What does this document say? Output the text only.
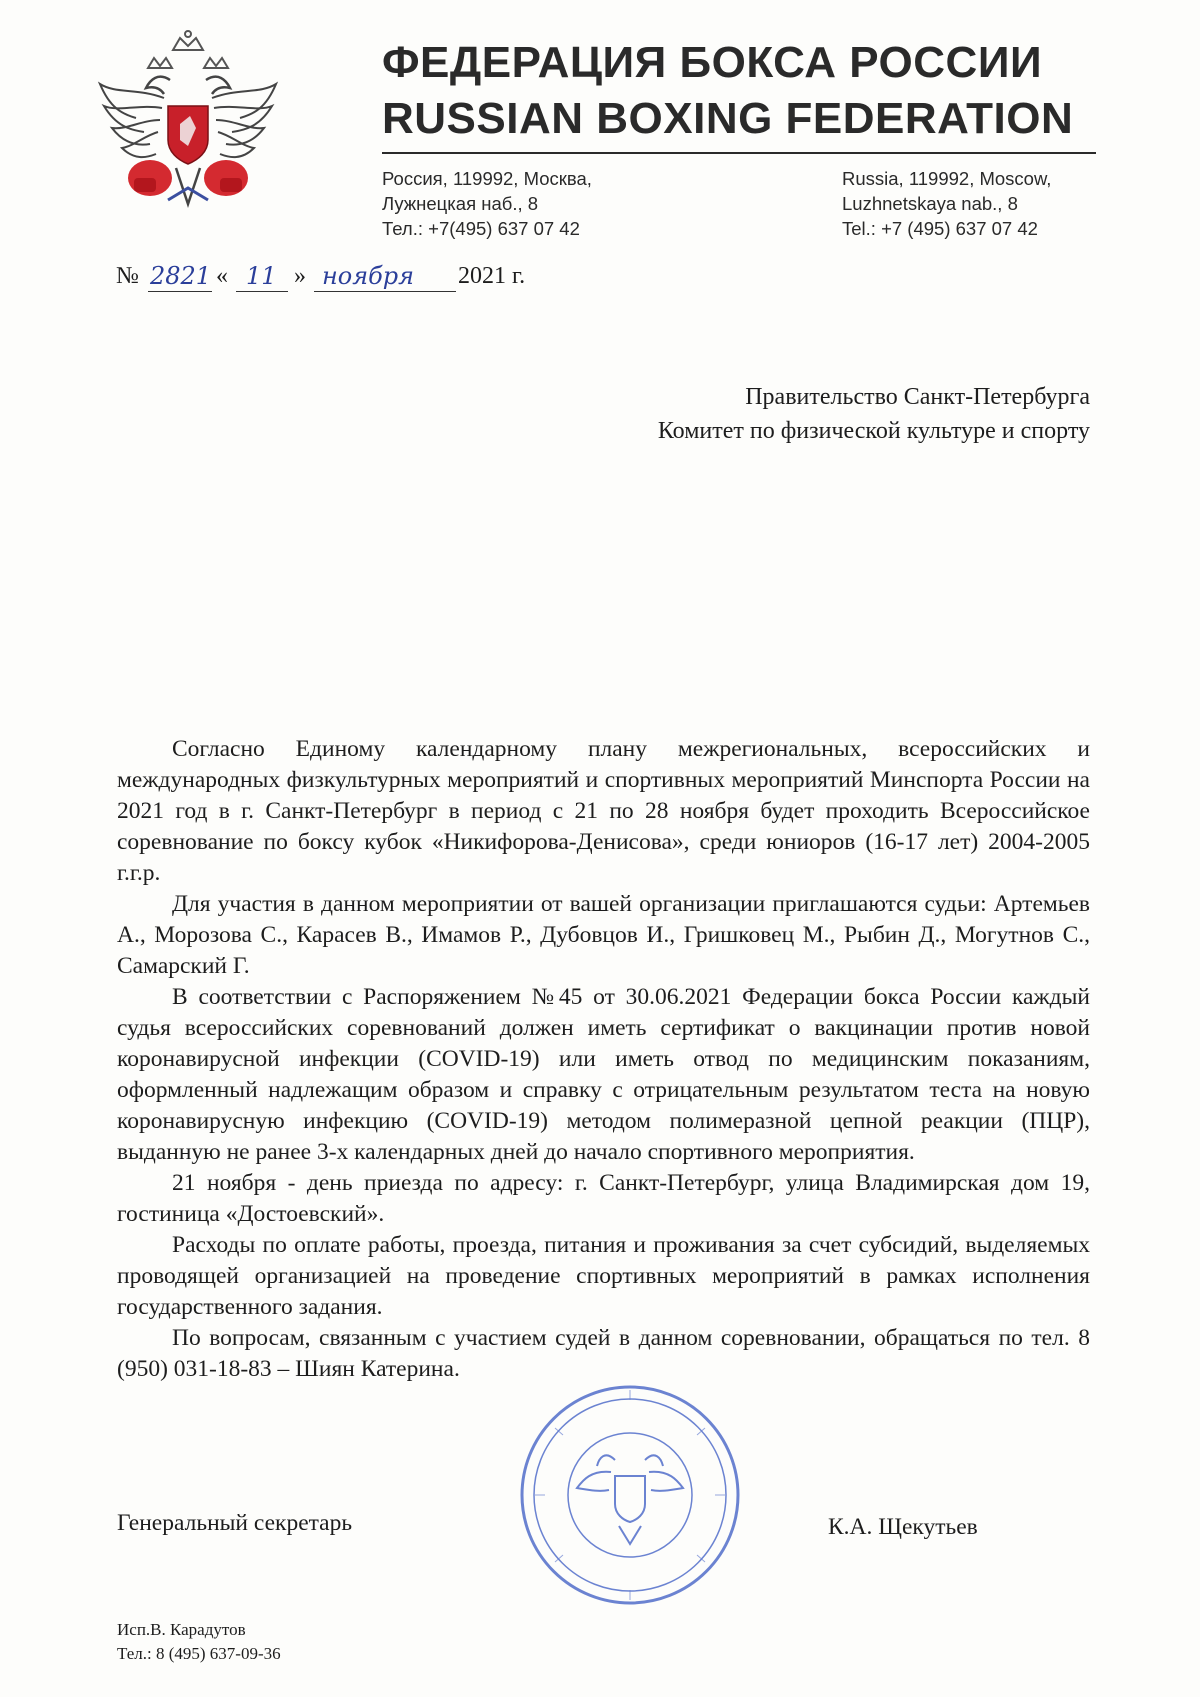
ФЕДЕРАЦИЯ БОКСА РОССИИ
RUSSIAN BOXING FEDERATION
Россия, 119992, Москва,
Лужнецкая наб., 8
Тел.: +7(495) 637 07 42
Russia, 119992, Moscow,
Luzhnetskaya nab., 8
Tel.: +7 (495) 637 07 42
№ 2821 « 11 » ноября 2021 г.
Правительство Санкт-Петербурга
Комитет по физической культуре и спорту

Согласно Единому календарному плану межрегиональных, всероссийских и международных физкультурных мероприятий и спортивных мероприятий Минспорта России на 2021 год в г. Санкт-Петербург в период с 21 по 28 ноября будет проходить Всероссийское соревнование по боксу кубок «Никифорова-Денисова», среди юниоров (16-17 лет) 2004-2005 г.г.р.

Для участия в данном мероприятии от вашей организации приглашаются судьи: Артемьев А., Морозова С., Карасев В., Имамов Р., Дубовцов И., Гришковец М., Рыбин Д., Могутнов С., Самарский Г.

В соответствии с Распоряжением №45 от 30.06.2021 Федерации бокса России каждый судья всероссийских соревнований должен иметь сертификат о вакцинации против новой коронавирусной инфекции (COVID-19) или иметь отвод по медицинским показаниям, оформленный надлежащим образом и справку с отрицательным результатом теста на новую коронавирусную инфекцию (COVID-19) методом полимеразной цепной реакции (ПЦР), выданную не ранее 3-х календарных дней до начало спортивного мероприятия.

21 ноября - день приезда по адресу: г. Санкт-Петербург, улица Владимирская дом 19, гостиница «Достоевский».

Расходы по оплате работы, проезда, питания и проживания за счет субсидий, выделяемых проводящей организацией на проведение спортивных мероприятий в рамках исполнения государственного задания.

По вопросам, связанным с участием судей в данном соревновании, обращаться по тел. 8 (950) 031-18-83 – Шиян Катерина.

Генеральный секретарь	К.А. Щекутьев
Исп.В. Карадутов
Тел.: 8 (495) 637-09-36
